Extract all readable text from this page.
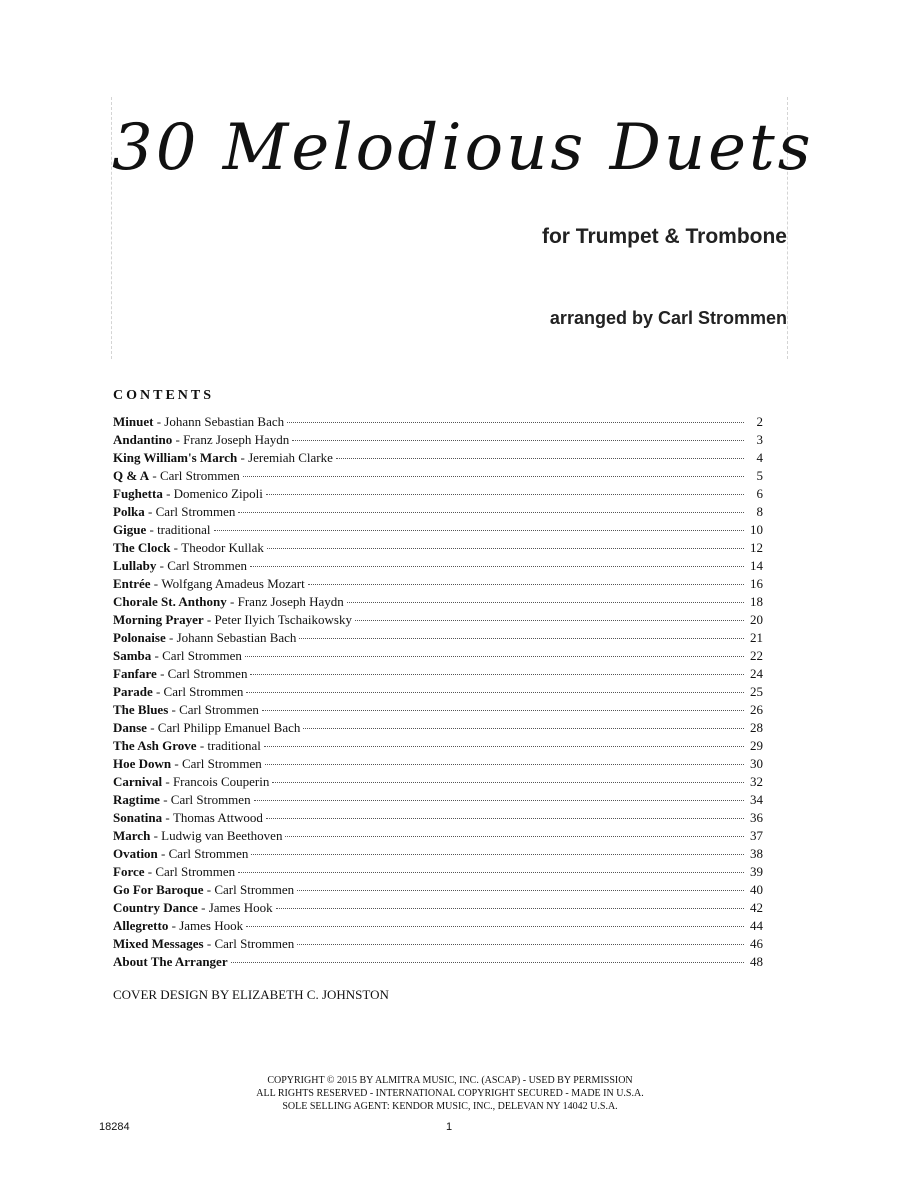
30 Melodious Duets
for Trumpet & Trombone
arranged by Carl Strommen
CONTENTS
Minuet - Johann Sebastian Bach	2
Andantino - Franz Joseph Haydn	3
King William's March - Jeremiah Clarke	4
Q & A - Carl Strommen	5
Fughetta - Domenico Zipoli	6
Polka - Carl Strommen	8
Gigue - traditional	10
The Clock - Theodor Kullak	12
Lullaby - Carl Strommen	14
Entrée - Wolfgang Amadeus Mozart	16
Chorale St. Anthony - Franz Joseph Haydn	18
Morning Prayer - Peter Ilyich Tschaikowsky	20
Polonaise - Johann Sebastian Bach	21
Samba - Carl Strommen	22
Fanfare - Carl Strommen	24
Parade - Carl Strommen	25
The Blues - Carl Strommen	26
Danse - Carl Philipp Emanuel Bach	28
The Ash Grove - traditional	29
Hoe Down - Carl Strommen	30
Carnival - Francois Couperin	32
Ragtime - Carl Strommen	34
Sonatina - Thomas Attwood	36
March - Ludwig van Beethoven	37
Ovation - Carl Strommen	38
Force - Carl Strommen	39
Go For Baroque - Carl Strommen	40
Country Dance - James Hook	42
Allegretto - James Hook	44
Mixed Messages - Carl Strommen	46
About The Arranger	48
COVER DESIGN BY ELIZABETH C. JOHNSTON
COPYRIGHT © 2015 BY ALMITRA MUSIC, INC. (ASCAP) - USED BY PERMISSION
ALL RIGHTS RESERVED - INTERNATIONAL COPYRIGHT SECURED - MADE IN U.S.A.
SOLE SELLING AGENT: KENDOR MUSIC, INC., DELEVAN NY 14042 U.S.A.
18284	1
